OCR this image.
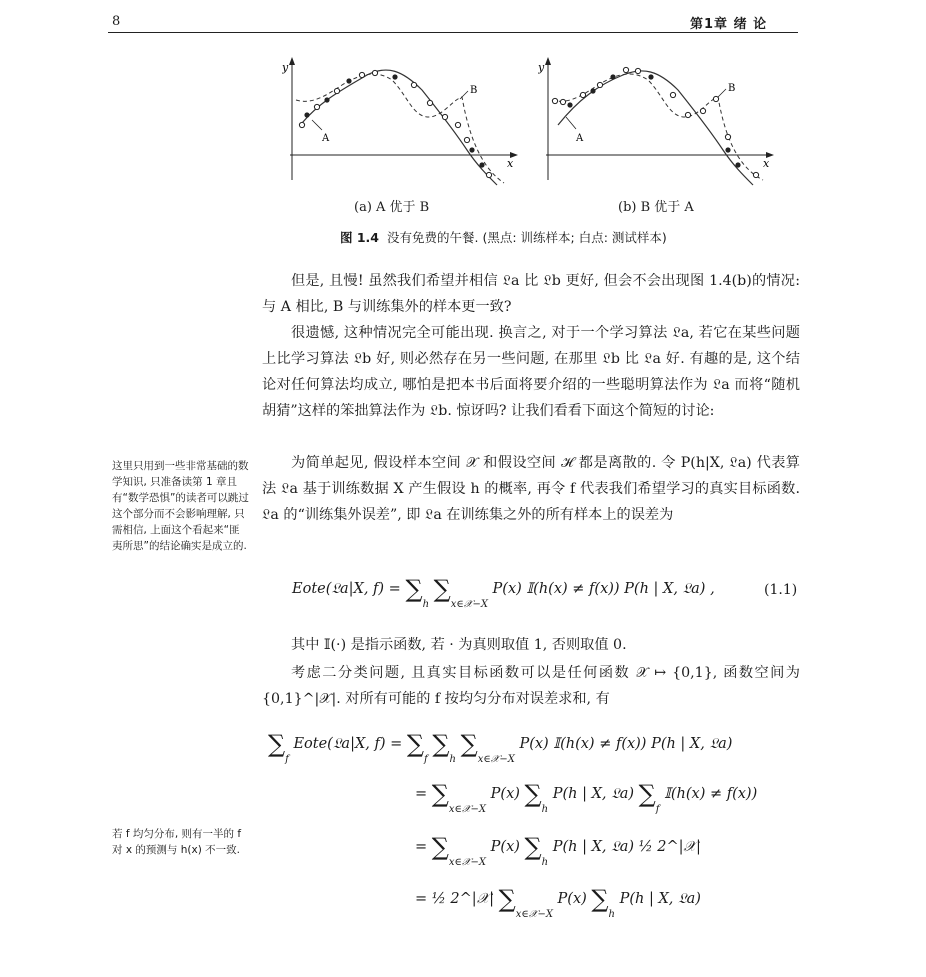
8	第1章 绪 论
y
x
A
B
(a) A 优于 B
y
x
A
B
(b) B 优于 A
图 1.4 没有免费的午餐. (黑点: 训练样本; 白点: 测试样本)

但是, 且慢! 虽然我们希望并相信 𝔏a 比 𝔏b 更好, 但会不会出现图 1.4(b)的情况: 与 A 相比, B 与训练集外的样本更一致?

很遗憾, 这种情况完全可能出现. 换言之, 对于一个学习算法 𝔏a, 若它在某些问题上比学习算法 𝔏b 好, 则必然存在另一些问题, 在那里 𝔏b 比 𝔏a 好. 有趣的是, 这个结论对任何算法均成立, 哪怕是把本书后面将要介绍的一些聪明算法作为 𝔏a 而将“随机胡猜”这样的笨拙算法作为 𝔏b. 惊讶吗? 让我们看看下面这个简短的讨论:

为简单起见, 假设样本空间 𝒳 和假设空间 ℋ 都是离散的. 令 P(h|X, 𝔏a) 代表算法 𝔏a 基于训练数据 X 产生假设 h 的概率, 再令 f 代表我们希望学习的真实目标函数. 𝔏a 的“训练集外误差”, 即 𝔏a 在训练集之外的所有样本上的误差为

这里只用到一些非常基础的数学知识, 只准备读第 1 章且有“数学恐惧”的读者可以跳过这个部分而不会影响理解, 只需相信, 上面这个看起来“匪夷所思”的结论确实是成立的.
Eote(𝔏a|X, $f) = \sum_h$ $\sum_{x\in 𝒳-X}$ P(x) 𝕀(h(x) ≠ f(x)) P(h | X, 𝔏a) ,	(1.1)

其中 𝕀(·) 是指示函数, 若 · 为真则取值 1, 否则取值 0.

考虑二分类问题, 且真实目标函数可以是任何函数 𝒳 ↦ {0,1}, 函数空间为 {0,1}^|𝒳|. 对所有可能的 f 按均匀分布对误差求和, 有

$\sum_f$ Eote(𝔏a|X, $f) = \sum_f$ $\sum_h$ $\sum_{x\in 𝒳-X}$ P(x) 𝕀(h(x) ≠ f(x)) P(h | X, 𝔏a)
= $\sum_{x\in 𝒳-X}$ P(x) $\sum_h$ P(h | X, 𝔏a) $\sum_f$ 𝕀(h(x) ≠ f(x))
= $\sum_{x\in 𝒳-X}$ P(x) $\sum_h$ P(h | X, 𝔏a) ½ 2^|𝒳|
= ½ 2^|𝒳| $\sum_{x\in 𝒳-X}$ P(x) $\sum_h$ P(h | X, 𝔏a)
若 f 均匀分布, 则有一半的 f 对 x 的预测与 h(x) 不一致.
